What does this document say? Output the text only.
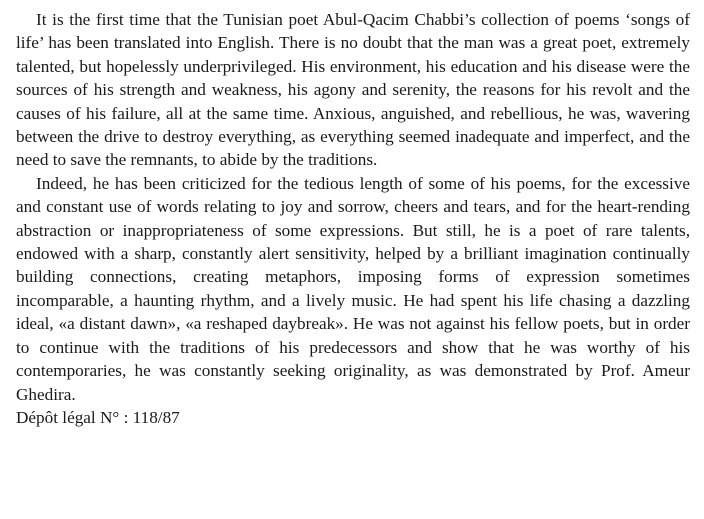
It is the first time that the Tunisian poet Abul-Qacim Chabbi’s collection of poems ‘songs of life’ has been translated into English. There is no doubt that the man was a great poet, extremely talented, but hopelessly underprivileged. His environment, his education and his disease were the sources of his strength and weakness, his agony and serenity, the reasons for his revolt and the causes of his failure, all at the same time. Anxious, anguished, and rebellious, he was, wavering between the drive to destroy everything, as everything seemed inadequate and imperfect, and the need to save the remnants, to abide by the traditions.

Indeed, he has been criticized for the tedious length of some of his poems, for the excessive and constant use of words relating to joy and sorrow, cheers and tears, and for the heart-rending abstraction or inappropriateness of some expressions. But still, he is a poet of rare talents, endowed with a sharp, constantly alert sensitivity, helped by a brilliant imagination continually building connections, creating metaphors, imposing forms of expression sometimes incomparable, a haunting rhythm, and a lively music. He had spent his life chasing a dazzling ideal, «a distant dawn», «a reshaped daybreak». He was not against his fellow poets, but in order to continue with the traditions of his predecessors and show that he was worthy of his contemporaries, he was constantly seeking originality, as was demonstrated by Prof. Ameur Ghedira.

Dépôt légal N° : 118/87
